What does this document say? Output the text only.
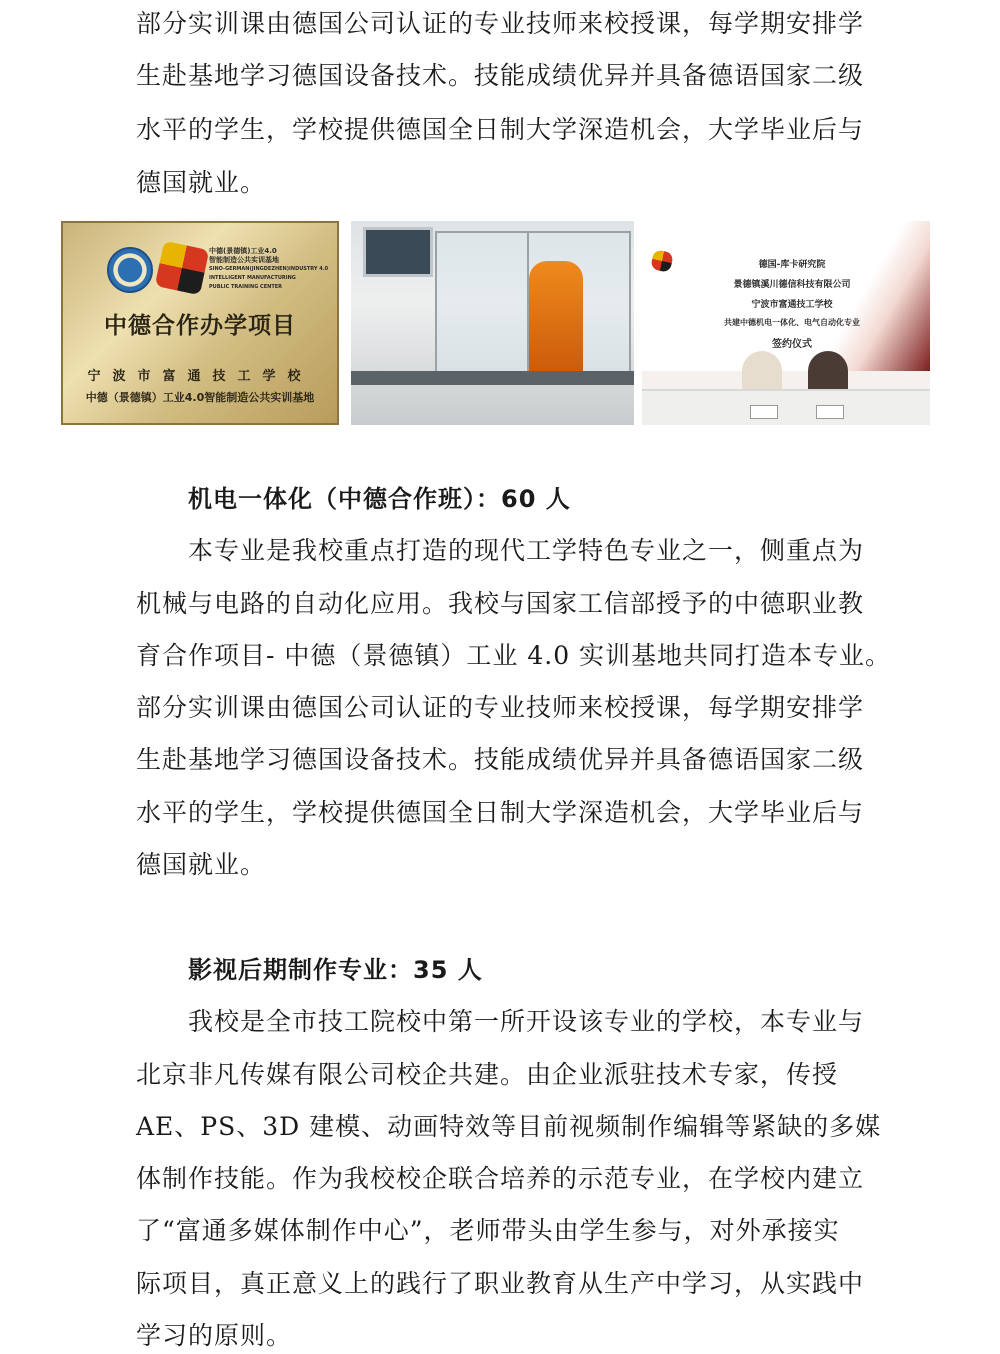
部分实训课由德国公司认证的专业技师来校授课，每学期安排学
生赴基地学习德国设备技术。技能成绩优异并具备德语国家二级
水平的学生，学校提供德国全日制大学深造机会，大学毕业后与
德国就业。
中德(景德镇)工业4.0
智能制造公共实训基地
SINO-GERMAN(JINGDEZHEN)INDUSTRY 4.0
INTELLIGENT MANUFACTURING
PUBLIC TRAINING CENTER
中德合作办学项目
宁波市富通技工学校
中德（景德镇）工业4.0智能制造公共实训基地
德国-库卡研究院
景德镇溪川德信科技有限公司
宁波市富通技工学校
共建中德机电一体化、电气自动化专业
签约仪式
机电一体化（中德合作班）：60 人
本专业是我校重点打造的现代工学特色专业之一，侧重点为
机械与电路的自动化应用。我校与国家工信部授予的中德职业教
育合作项目- 中德（景德镇）工业 4.0 实训基地共同打造本专业。
部分实训课由德国公司认证的专业技师来校授课，每学期安排学
生赴基地学习德国设备技术。技能成绩优异并具备德语国家二级
水平的学生，学校提供德国全日制大学深造机会，大学毕业后与
德国就业。
影视后期制作专业：35 人
我校是全市技工院校中第一所开设该专业的学校，本专业与
北京非凡传媒有限公司校企共建。由企业派驻技术专家，传授
AE、PS、3D 建模、动画特效等目前视频制作编辑等紧缺的多媒
体制作技能。作为我校校企联合培养的示范专业，在学校内建立
了“富通多媒体制作中心”，老师带头由学生参与，对外承接实
际项目，真正意义上的践行了职业教育从生产中学习，从实践中
学习的原则。
